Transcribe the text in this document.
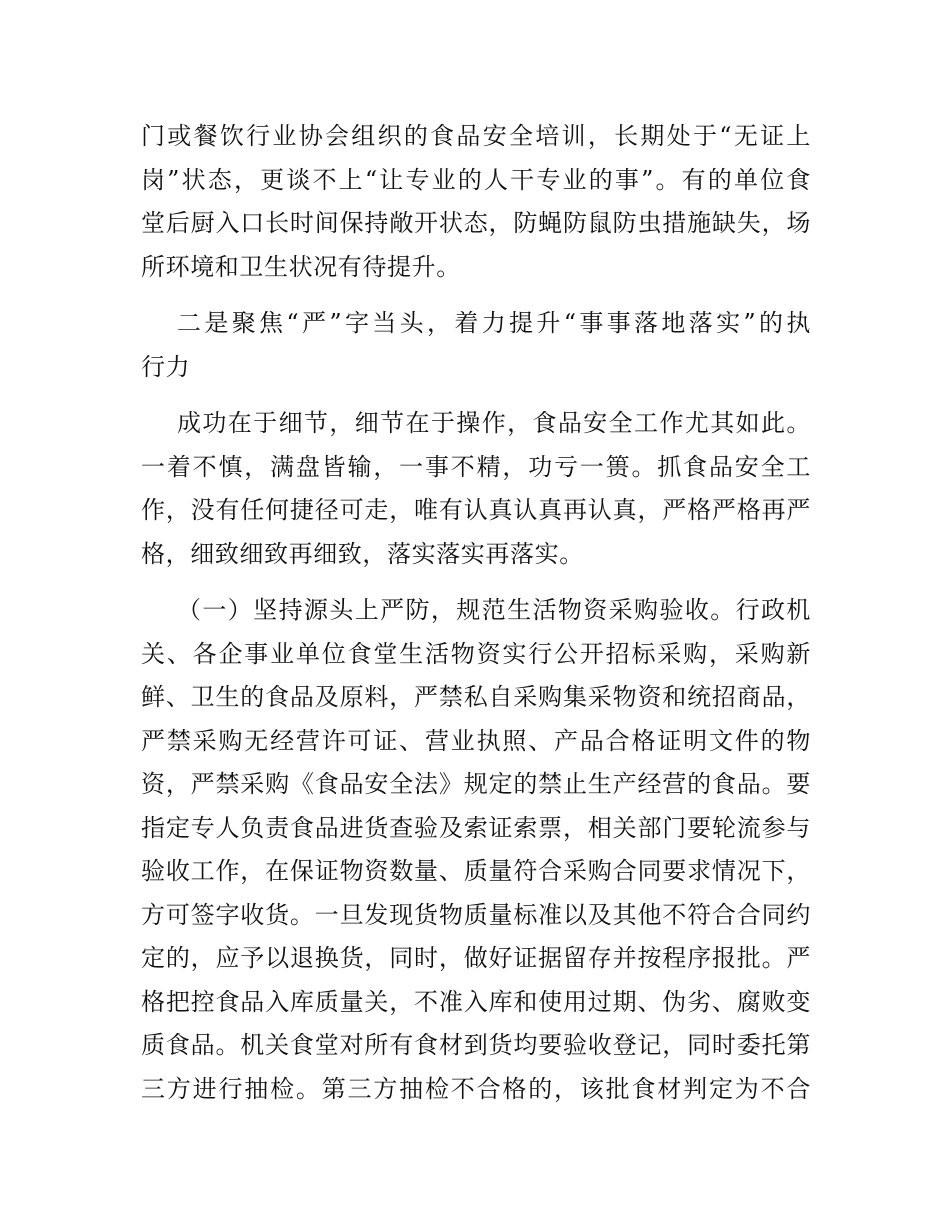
门或餐饮行业协会组织的食品安全培训，长期处于“无证上
岗”状态，更谈不上“让专业的人干专业的事”。有的单位食
堂后厨入口长时间保持敞开状态，防蝇防鼠防虫措施缺失，场
所环境和卫生状况有待提升。

二是聚焦“严”字当头，着力提升“事事落地落实”的执
行力

成功在于细节，细节在于操作，食品安全工作尤其如此。
一着不慎，满盘皆输，一事不精，功亏一篑。抓食品安全工
作，没有任何捷径可走，唯有认真认真再认真，严格严格再严
格，细致细致再细致，落实落实再落实。

（一）坚持源头上严防，规范生活物资采购验收。行政机
关、各企事业单位食堂生活物资实行公开招标采购，采购新
鲜、卫生的食品及原料，严禁私自采购集采物资和统招商品，
严禁采购无经营许可证、营业执照、产品合格证明文件的物
资，严禁采购《食品安全法》规定的禁止生产经营的食品。要
指定专人负责食品进货查验及索证索票，相关部门要轮流参与
验收工作，在保证物资数量、质量符合采购合同要求情况下，
方可签字收货。一旦发现货物质量标准以及其他不符合合同约
定的，应予以退换货，同时，做好证据留存并按程序报批。严
格把控食品入库质量关，不准入库和使用过期、伪劣、腐败变
质食品。机关食堂对所有食材到货均要验收登记，同时委托第
三方进行抽检。第三方抽检不合格的，该批食材判定为不合
